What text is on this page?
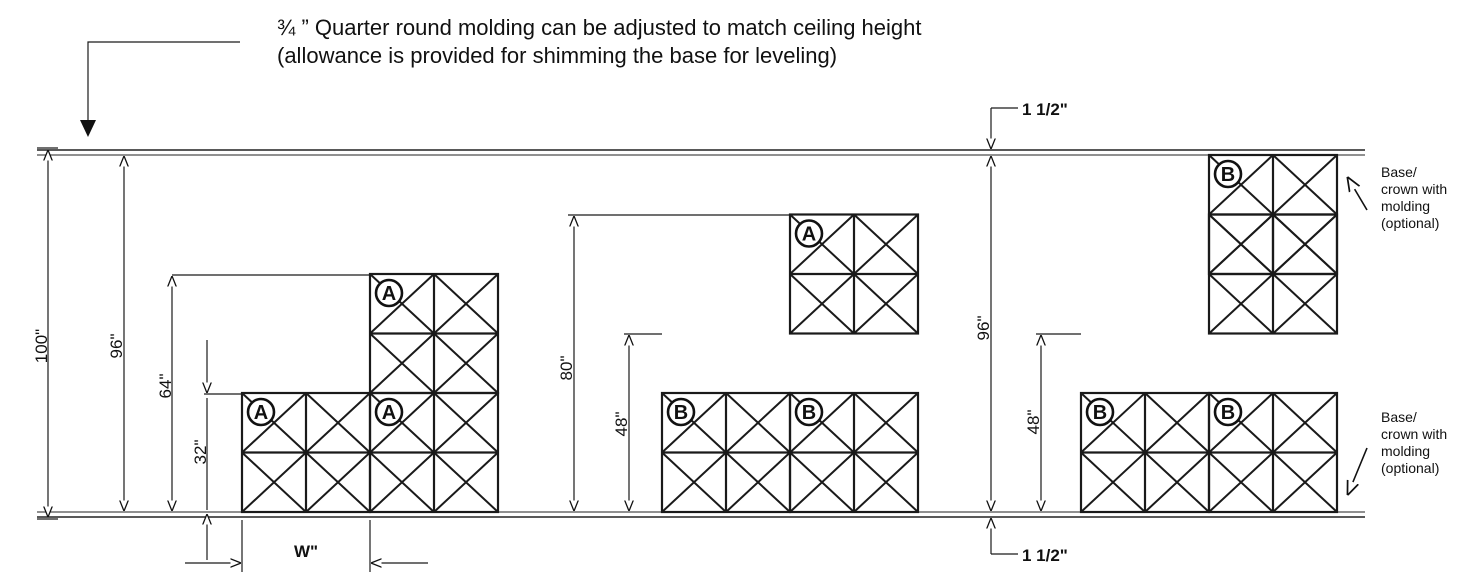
¾ ” Quarter round molding can be adjusted to match ceiling height
(allowance is provided for shimming the base for leveling)
Base/
crown with
molding
(optional)
Base/
crown with
molding
(optional)
A	A
A
B	B
A
B	B
B
100"	96"
64"
32"
W"
80"
48"
96"
48"
1 1/2"
1 1/2"
